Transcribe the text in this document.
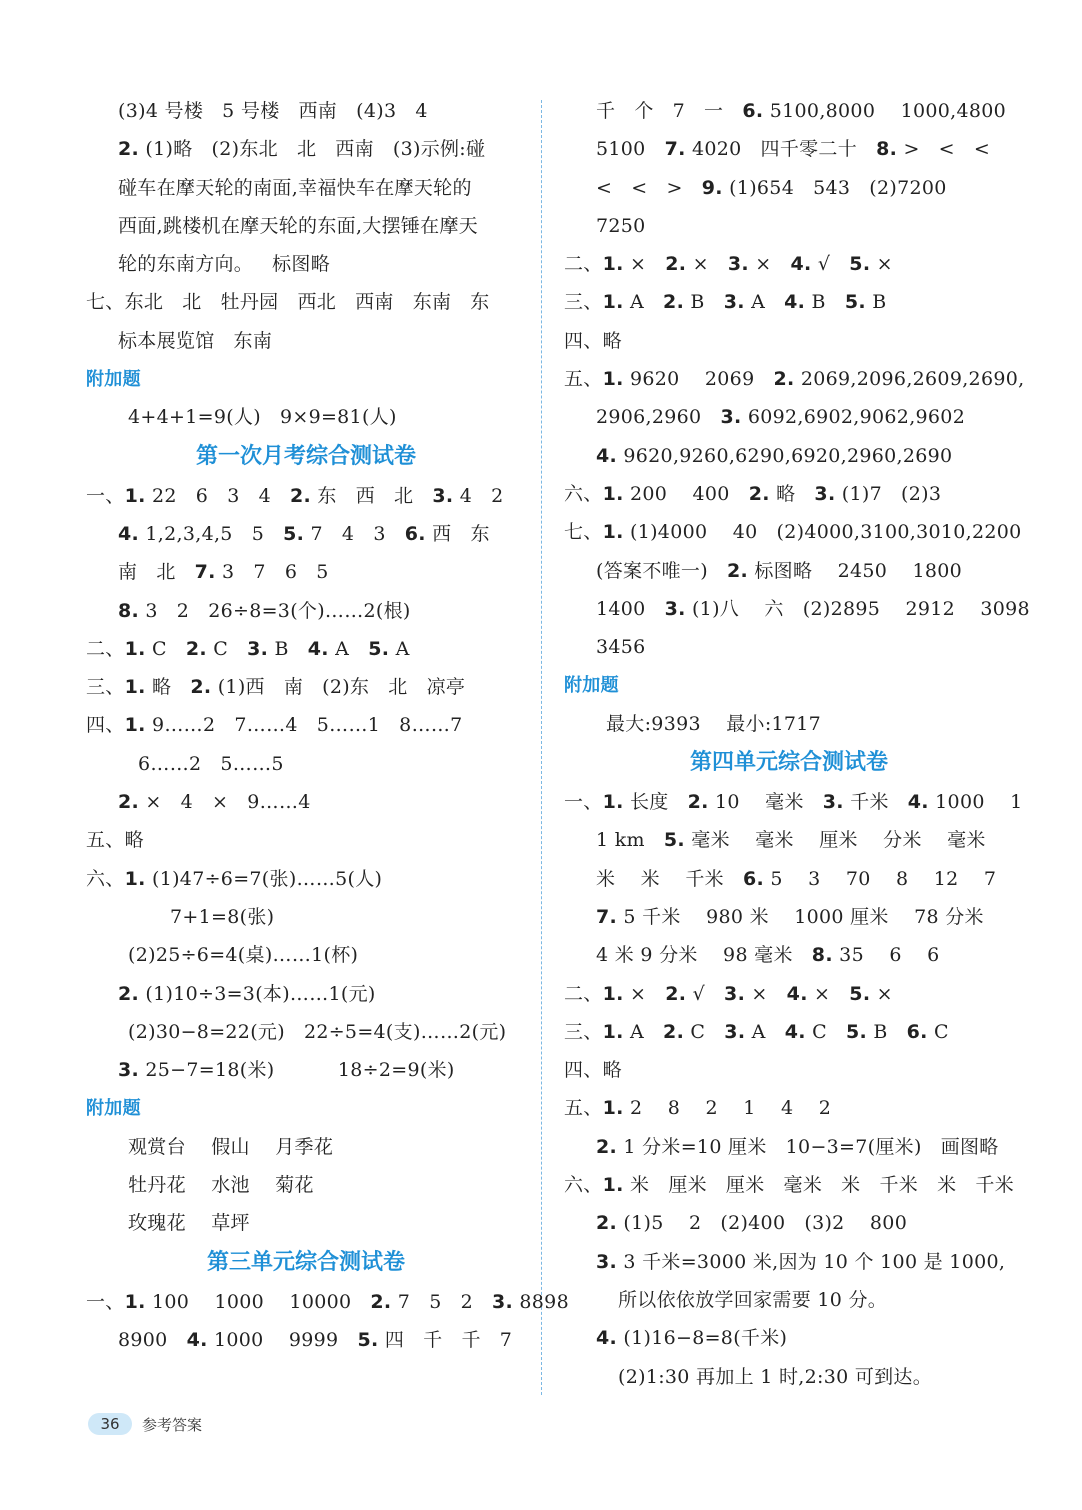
(3)4 号楼   5 号楼   西南   (4)3   4
2. (1)略   (2)东北   北   西南   (3)示例:碰
碰车在摩天轮的南面,幸福快车在摩天轮的
西面,跳楼机在摩天轮的东面,大摆锤在摩天
轮的东南方向。   标图略
七、东北   北   牡丹园   西北   西南   东南   东
标本展览馆   东南
附加题
4+4+1=9(人)   9×9=81(人)
第一次月考综合测试卷
一、1. 22   6   3   4   2. 东   西   北   3. 4   2
4. 1,2,3,4,5   5   5. 7   4   3   6. 西   东
南   北   7. 3   7   6   5
8. 3   2   26÷8=3(个)……2(根)
二、1. C   2. C   3. B   4. A   5. A
三、1. 略   2. (1)西   南   (2)东   北   凉亭
四、1. 9……2   7……4   5……1   8……7
6……2   5……5
2. ×   4   ×   9……4
五、略
六、1. (1)47÷6=7(张)……5(人)
7+1=8(张)
(2)25÷6=4(桌)……1(杯)
2. (1)10÷3=3(本)……1(元)
(2)30−8=22(元)   22÷5=4(支)……2(元)
3. 25−7=18(米)          18÷2=9(米)
附加题
观赏台    假山    月季花
牡丹花    水池    菊花
玫瑰花    草坪
第三单元综合测试卷
一、1. 100    1000    10000   2. 7   5   2   3. 8898
8900   4. 1000    9999   5. 四   千   千   7
千   个   7   一   6. 5100,8000    1000,4800
5100   7. 4020   四千零二十   8. >   <   <
<   <   >   9. (1)654   543   (2)7200
7250
二、1. ×   2. ×   3. ×   4. √   5. ×
三、1. A   2. B   3. A   4. B   5. B
四、略
五、1. 9620    2069   2. 2069,2096,2609,2690,
2906,2960   3. 6092,6902,9062,9602
4. 9620,9260,6290,6920,2960,2690
六、1. 200    400   2. 略   3. (1)7   (2)3
七、1. (1)4000    40   (2)4000,3100,3010,2200
(答案不唯一)   2. 标图略    2450    1800
1400   3. (1)八    六   (2)2895    2912    3098
3456
附加题
最大:9393    最小:1717
第四单元综合测试卷
一、1. 长度   2. 10    毫米   3. 千米   4. 1000    1
1 km   5. 毫米    毫米    厘米    分米    毫米
米    米    千米   6. 5    3    70    8    12    7
7. 5 千米    980 米    1000 厘米    78 分米
4 米 9 分米    98 毫米   8. 35    6    6
二、1. ×   2. √   3. ×   4. ×   5. ×
三、1. A   2. C   3. A   4. C   5. B   6. C
四、略
五、1. 2    8    2    1    4    2
2. 1 分米=10 厘米   10−3=7(厘米)   画图略
六、1. 米   厘米   厘米   毫米   米   千米   米   千米
2. (1)5    2   (2)400   (3)2    800
3. 3 千米=3000 米,因为 10 个 100 是 1000,
所以依依放学回家需要 10 分。
4. (1)16−8=8(千米)
(2)1:30 再加上 1 时,2:30 可到达。
36	参考答案
